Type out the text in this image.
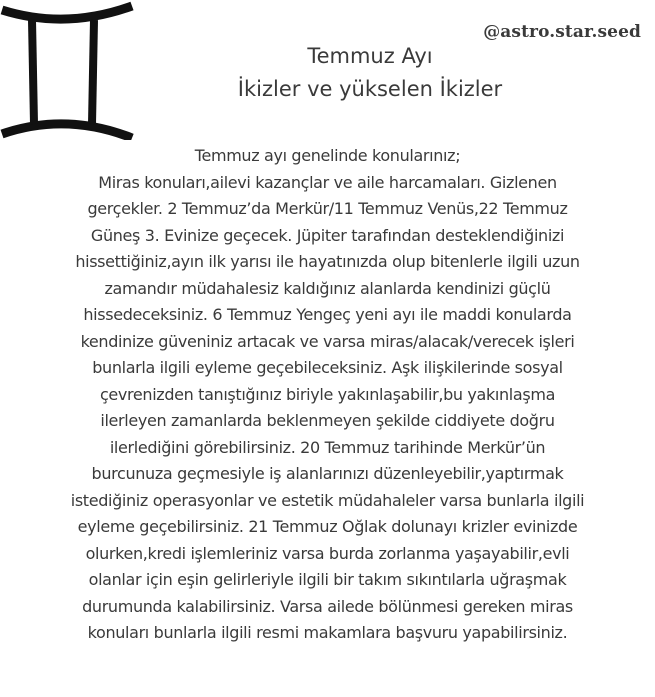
@astro.star.seed
Temmuz Ayı
İkizler ve yükselen İkizler
Temmuz ayı genelinde konularınız;
Miras konuları,ailevi kazançlar ve aile harcamaları. Gizlenen
gerçekler. 2 Temmuz’da Merkür/11 Temmuz Venüs,22 Temmuz
Güneş 3. Evinize geçecek. Jüpiter tarafından desteklendiğinizi
hissettiğiniz,ayın ilk yarısı ile hayatınızda olup bitenlerle ilgili uzun
zamandır müdahalesiz kaldığınız alanlarda kendinizi güçlü
hissedeceksiniz. 6 Temmuz Yengeç yeni ayı ile maddi konularda
kendinize güveniniz artacak ve varsa miras/alacak/verecek işleri
bunlarla ilgili eyleme geçebileceksiniz. Aşk ilişkilerinde sosyal
çevrenizden tanıştığınız biriyle yakınlaşabilir,bu yakınlaşma
ilerleyen zamanlarda beklenmeyen şekilde ciddiyete doğru
ilerlediğini görebilirsiniz. 20 Temmuz tarihinde Merkür’ün
burcunuza geçmesiyle iş alanlarınızı düzenleyebilir,yaptırmak
istediğiniz operasyonlar ve estetik müdahaleler varsa bunlarla ilgili
eyleme geçebilirsiniz. 21 Temmuz Oğlak dolunayı krizler evinizde
olurken,kredi işlemleriniz varsa burda zorlanma yaşayabilir,evli
olanlar için eşin gelirleriyle ilgili bir takım sıkıntılarla uğraşmak
durumunda kalabilirsiniz. Varsa ailede bölünmesi gereken miras
konuları bunlarla ilgili resmi makamlara başvuru yapabilirsiniz.
